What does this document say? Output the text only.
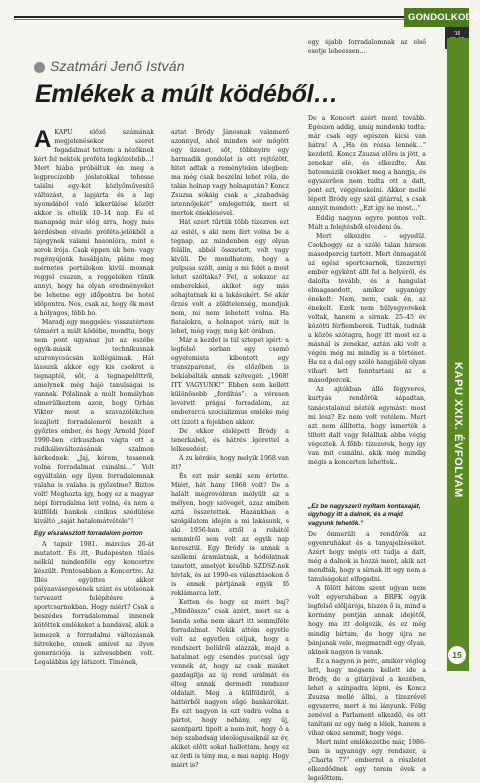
GONDOLKODÓ
'16
Szatmári Jenő István
Emlékek a múlt ködéből…
A KAPU előző számának megjelenésekor szerét fogadalmat tettem: a nézőknek kért fel nektek próféta legközelebb…! Mert hiába próbáltuk én meg a legprecízebb jóslatokkal tehesse találni egy-két közlyőművesítő változást, a lapjárta és a lap nyomdából való kikerülése között akkor is eltelik 10–14 nap. És el manapság már elég arra, hogy más kérdésben elvadó próféta-jelökből a tájegynek valami hasonlóra, mint e sorok írója. Csak éppen úk hen- vagy regényújonk hasábjain, pláne meg mérnetes portálokon kivül mosnak reggel csuzen, a reggeleken tűnik annyi, hogy ha olyan eredményeket be lehetne egy időpontra be hotel időpontra. Nos, csak az, hogy ők most a hólyagos, több hó.

Maradj egy meggelés: visszatértem tőmaért a múlt ködébe, mondtu, hogy nem pont ugyanaz jut az eszébe egyik-másik technikusnak szuronycsúcsán kollégáimak. Hát lássunk akkor egy kis csokrot a tegnaptól, sőt, a tegnapelőttről, amelynek még hajó tanulságai is vannak. Pólalinak a múlt homályban elmerülkeztem azon, hogy Orbán Viktor most a szavazólékchen lezajlott forradalomról beszélt a győztes ember, és hogy Arnold Józef 1990-ben cirkuszban vágta ott a radikálisváltozásának szalmon kérkednek: „Jaj, kérem, tessenek volna forradalmat csinálni…” Volt egyáltalán egy ilyen forradalomnak valaha is valaha is győzelme? Biztos volt! Meghozta így, hogy ez a magyar népi forradalma lett volna, és nem a külföldi bankok cinikus szédülése kiváltó „saját hatalomátvétele”!

Egy elszalasztott forradalom porton

A tapsír 1981. március 26-át mutatott. És itt, Budapesten tűzés nélkül mindenféle egy koncertre készült. Pontosabban a Koncertre. Az Illés együttes akkor páíyaavásrgesének szánt és utolsónak tervezett felépítésre a sportcsarnokban. Hogy miért? Csak a beszédes forradalommal innenek kötöttek emlékeket a bandával, akik a lemezek a forradalmi változásnak hitrekebe, ennek amivel az ilyen generációja is szívesebben volt. Legalábbis így látszott. Tímének,

aztat Bródy Jánosnak valamerő azonnyel, ahol minden sor mögött egy üzenet, sőt, többnyire egy harmadik gondolat is ott rejtőzött, hitet adtak a reménytelen idegben: ma még csak beszélni lehet róla, de talán holnap vagy holnapután? Koncz Zsuzsa sokáig csak a „szabadság istennőjekét” emlegették, mert el mertek éneklésével.

Hát ezért tűrtük több tízezren ezt az estét, s aki nem fért volna be a tegnap, az mindenben egy olyan felálln, abból összetett, volt vagy kivüli. De mondhatom, hogy a pulpusa szólt, amíg a mi felét a most lehet szóltaka? Fel, a sokszor az emberekkel, akiket egy más sóhajtatnak ki a lakásukért. Se akár őrzés volt a zöldtelenség, mondjuk nem, mi nem lehetett volna. Ha fiatalokra, a holnapot váró, mit is lehet, még vagy, még két órában.

Már a kezdet is túl sztepet igért: a legfelső sorban egy csomó egyetemista kibontott egy transzparenst, és előzőben is bekiabálták annak szövegét: „1968! ITT VAGYUNK!” Ebben sem kellett különösebb „fordítás”: a véresen leverett prágai forradalom, az emberarcú szocializmus emléke még ott ízzott a fejekben akkor.

De ekkor elslépett Bródy a tenerkabel, és hátrés ígérettel a lelkesedést:

A zu kérdés, hogy melyik 1968 van itt?

És ezt már senki sem értette. Miért, hát hány 1968 volt? De a halált megrovóbran mélyült az a mélyen, hogy szövegét, azaz amiben aztá összetettek. Hazánkban a szolgálatom idején a mi lakásunk, s aki 1956-ban ettől a ruhától semmiről sem volt az egyik nap keresztül. Egy Bródy is annak a szellemi áramlatnak, a hódolatnak tanstott, amelyet később SZDSZ-nek hívtak, és az 1990-es választásokon ő is ennek pártjának egyik fő reklámarca lett.

Ketten és hogy ez mért baj? „Mindössze” csak azért, mert ez a banda soha nem akart itt semmiféle forradalmat. Nekik attém egyetle volt az egyetlen céljuk, hogy a rendszert belülről alázzák, majd a hatalmat egy csendes puccsal úgy vennék át, hogy az csak minket gazdagítja az új rend uralmát és élteg annak dermedt rendszer oldalait. Meg a külföldiről, a háttérből nagyon sűgó bankárokat. És ezt nagyon is ezt vadra volna a pártot, hogy néhány, egy új, szentpárti tipolt a nem-mit, hogy ő a nép szabadság ideológusaiknál az év, akiket előtt sokat hallottam, hogy ez az ördi is tény ma, a mai napig. Hogy miért is?

egy újabb forradalomnak az első esetje leheessen…

De a Koncert azért ment tovább. Egészen addig, amíg mindenki tudta: már csak egy egészen kicsi van hátra! A „Ha én rózsa lennék…” kezdetű. Koncz Zsuzsa előre is jött, a zenekar elé, és elkezdte. Ám hatosmázik csokket meg a hangja, és egyszerűen nem tudta ott a dalt, pont ezt, véggénekelni. Akkor mellé lépett Bródy egy szál gitárral, s csak annyit mondott: „Ezt így ne most...”

Eddig nagyon egyre pontos volt. Múlt a felejtésből elvédeni ős.

Mert elkezdte – egyedül. Csokhoggy ez a szóló talán hárson másodpercig tartott. Mert önmagától az egész sportcsarnok, tízezernyi ember egyként állt fel a helyéről, és dalolta tovább, és a hangulat elmagasodott, amikor ugyanúgy énekelt: Nem, nem, csak én, az énekelt. Ezek nem hülyegyerekek voltak, hanem a sírnak. 25–45 év közötti férfiemberek. Tudták, tudnák a közös szótagra, hogy itt most ez a másnál is zenekar, aztán aki volt a végén még mi mindig is a történet. Ha ez a dal egy szóló hangjából olyan vihart lett fenntartani az a másodpercek.

Az ajtókban álló fegyveres, kurtyás rendőrök sápadtan, tanácstalanul nézték egymást: most mi lesz? Ez nem volt vetélem. Mert azt nem állította, hogy ismerték a tiltott dalt vagy felálltak abba végig végeztek. A főbb: tízezerek, hogy így van mit csinálni. akik még mindig mégis a koncerten lehettek..

„Ez be nagyszerű nyíltam kontaxaját, úgyhogy itt a dalnok, és a majd vagyunk tehetők.”

De önmerült a rendőrök az egyenruhákat és a tanyajelzéseket. Azért hogy mégis ott tudja a dalt, még a dalnok is hozzá ment, akik azt mondták, hogy a sírnak itt egy nem a tanulságokat elfogadni.

A fölött hátom szent ugyan nem volt egyeruhában a BRFK egyik legfelső elöljárója, hiszen ő is, mind a kormány pontján annak idejétől, hogy ma itt dolgozik, és ez még mindig bírtam, de hogy újra ne bánjanak vele, megmaradt egy olyan, akinek nagyon is vanak.

Ez a nagyon is perc, amikor végleg lett, hogy mégsem kellett ide a Bródy, de a gitárjával a kezében, lehet a színpadra lépni, és Koncz Zsuzsa mellé állni, a tízezrével egyszerre, mert a mi lányunk. Félig zenével a Parlament elkezdő, és ott tanítani az egy még a lélek, hanem a vihar okoz semmit, hogy vége.

Mert mint emlékezetbe már, 1986-ban is ugyanúgy egy rendszer, a „Charta 77” emberrel a részletet elkezdődnek egy terem évek a legelőttem.

KAPU XXIX. ÉVFOLYAM
15
